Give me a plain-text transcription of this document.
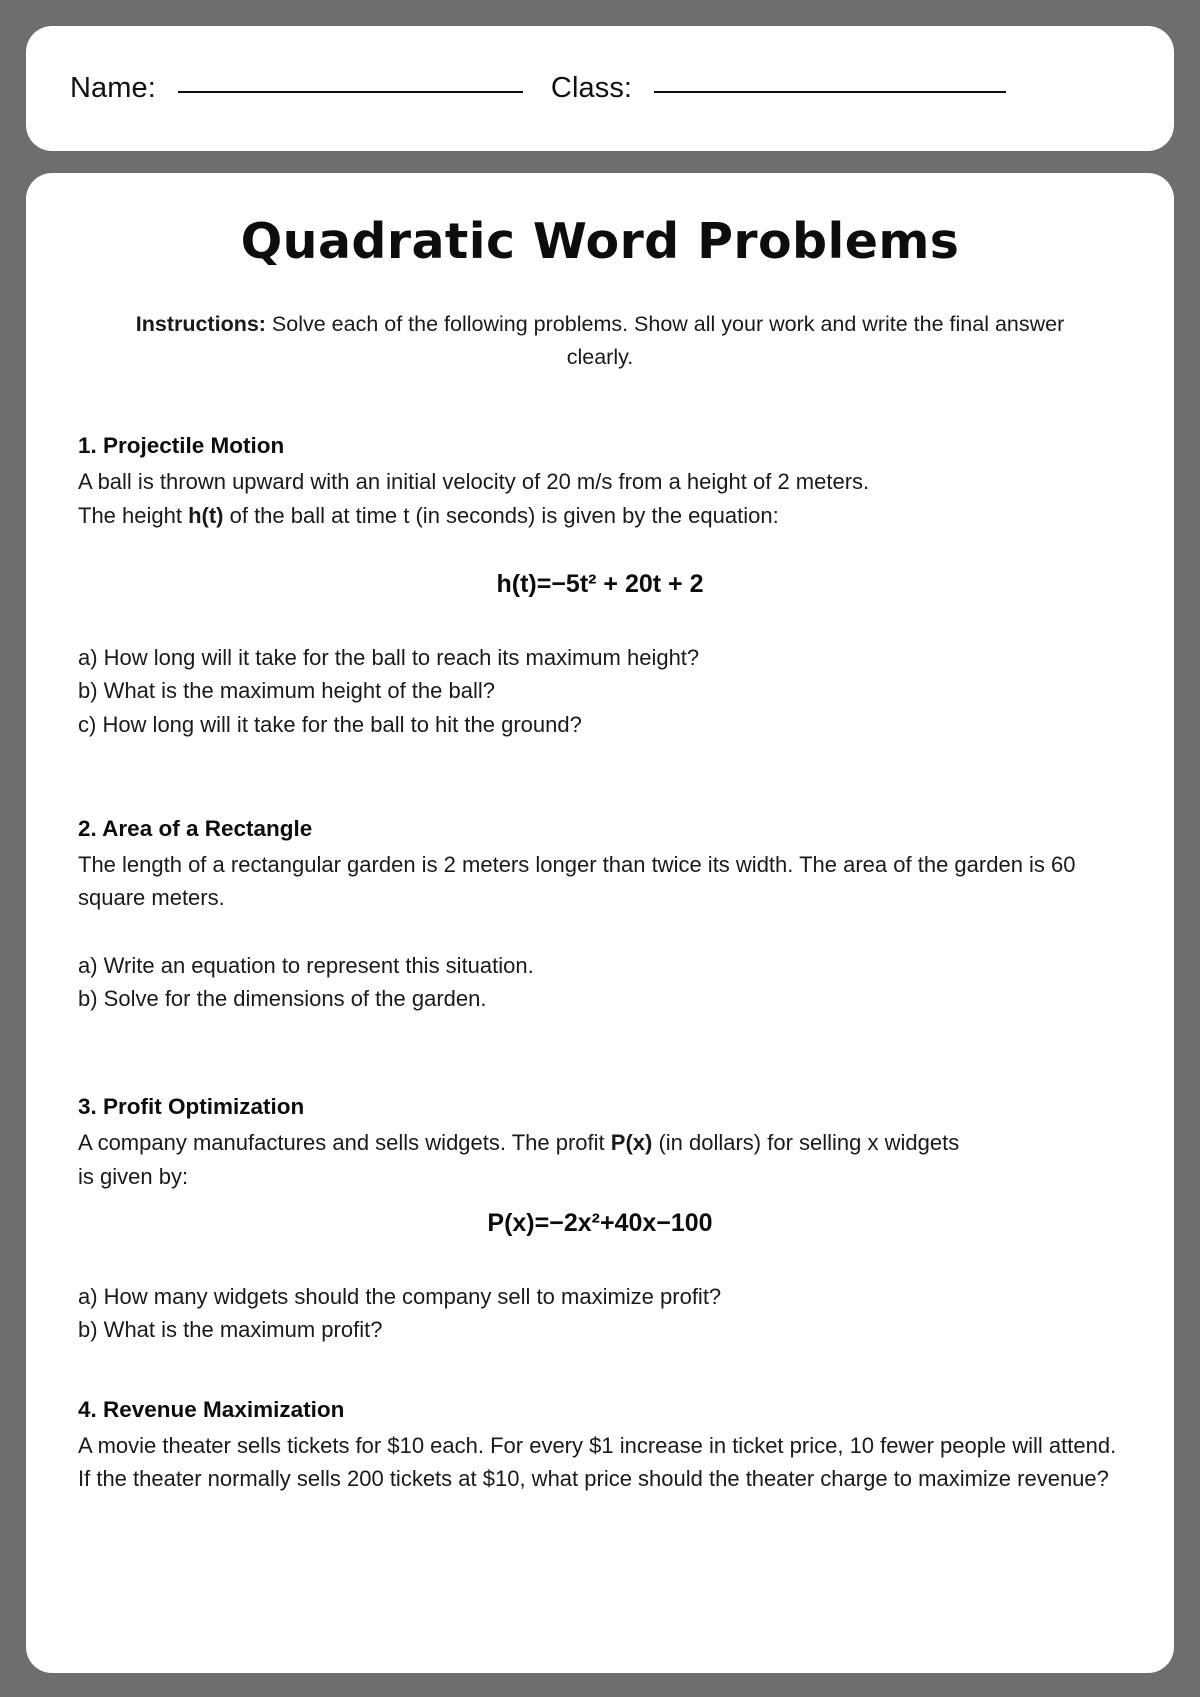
Name:	Class:
Quadratic Word Problems

Instructions: Solve each of the following problems. Show all your work and write the final answer clearly.

1. Projectile Motion

A ball is thrown upward with an initial velocity of 20 m/s from a height of 2 meters.
The height h(t) of the ball at time t (in seconds) is given by the equation:

h(t)=−5t² + 20t + 2

a) How long will it take for the ball to reach its maximum height?

b) What is the maximum height of the ball?

c) How long will it take for the ball to hit the ground?

2. Area of a Rectangle

The length of a rectangular garden is 2 meters longer than twice its width. The area of the garden is 60 square meters.

a) Write an equation to represent this situation.

b) Solve for the dimensions of the garden.

3. Profit Optimization

A company manufactures and sells widgets. The profit P(x) (in dollars) for selling x widgets
is given by:

P(x)=−2x²+40x−100

a) How many widgets should the company sell to maximize profit?

b) What is the maximum profit?

4. Revenue Maximization

A movie theater sells tickets for $10 each. For every $1 increase in ticket price, 10 fewer people will attend. If the theater normally sells 200 tickets at $10, what price should the theater charge to maximize revenue?
